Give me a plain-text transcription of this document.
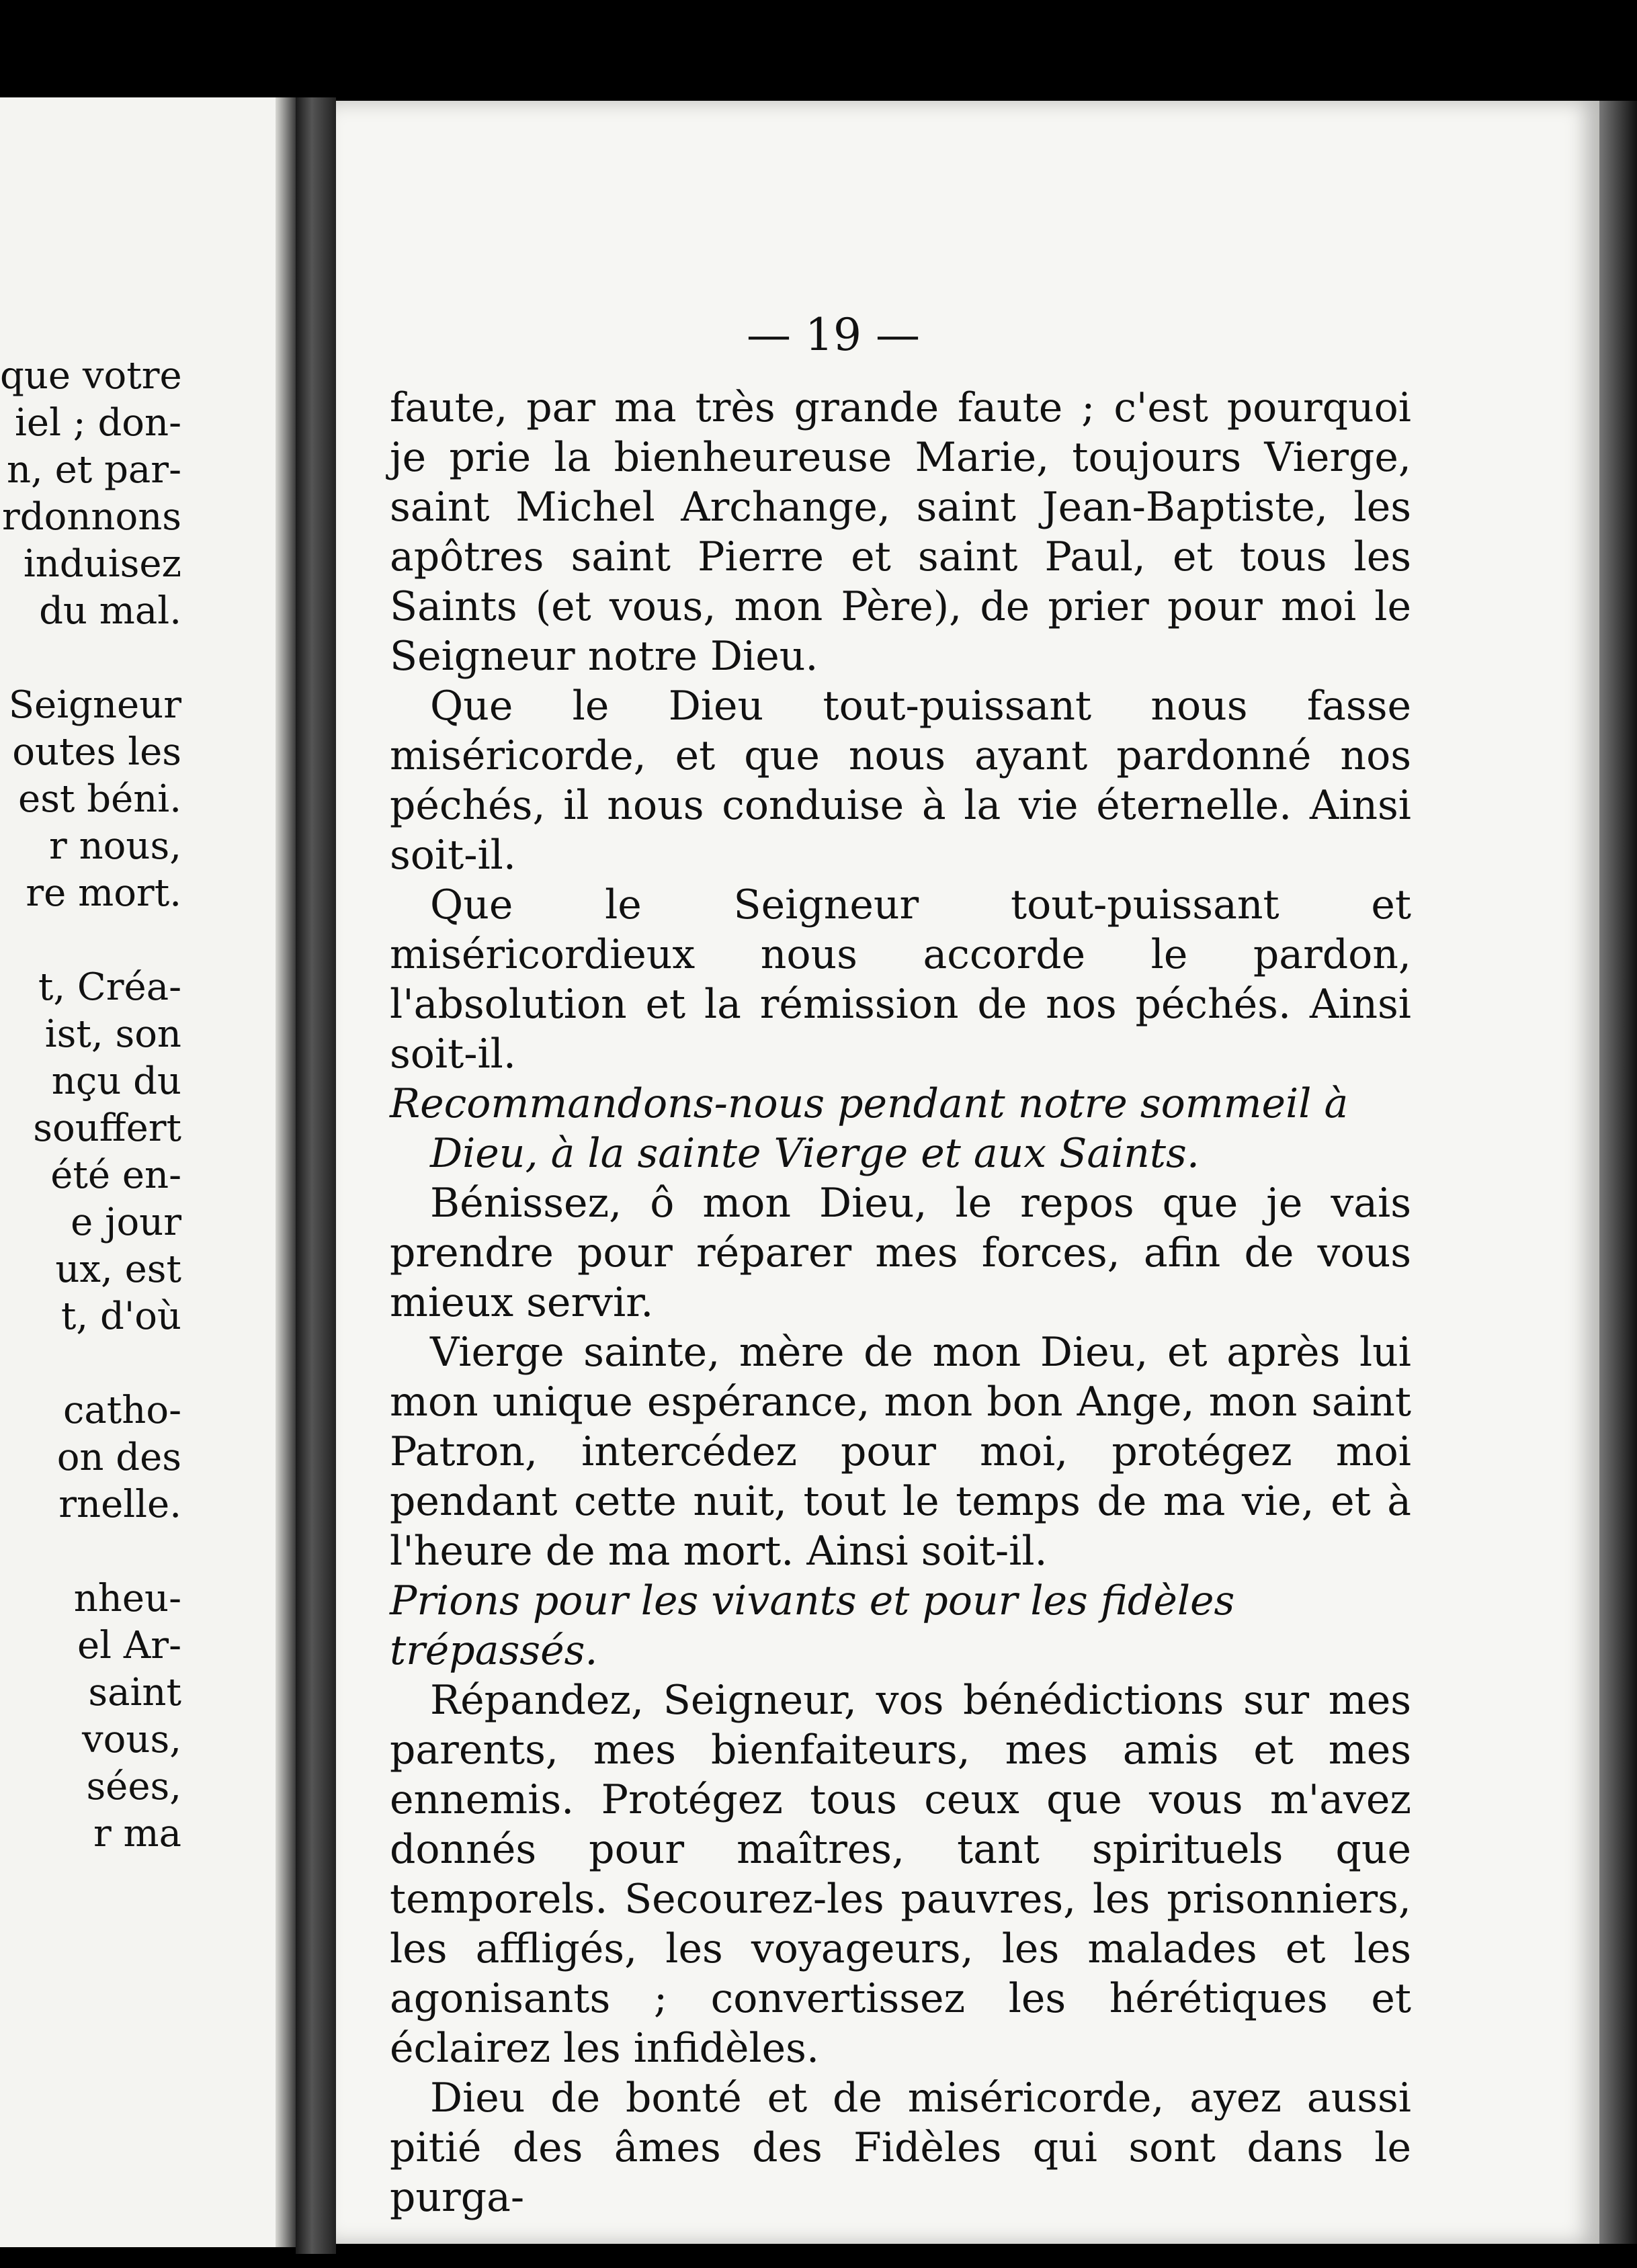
que votre
iel ; don-
n, et par-
rdonnons
induisez
du mal.
Seigneur
outes les
est béni.
r nous,
re mort.
t, Créa-
ist, son
nçu du
souffert
été en-
e jour
ux, est
t, d'où
catho-
on des
rnelle.
nheu-
el Ar-
saint
vous,
sées,
r ma
— 19 —

faute, par ma très grande faute ; c'est pourquoi je prie la bienheureuse Marie, toujours Vierge, saint Michel Archange, saint Jean-Baptiste, les apôtres saint Pierre et saint Paul, et tous les Saints (et vous, mon Père), de prier pour moi le Seigneur notre Dieu.

Que le Dieu tout-puissant nous fasse miséricorde, et que nous ayant pardonné nos péchés, il nous conduise à la vie éternelle. Ainsi soit-il.

Que le Seigneur tout-puissant et miséricordieux nous accorde le pardon, l'absolution et la rémission de nos péchés. Ainsi soit-il.

Recommandons-nous pendant notre sommeil à

Dieu, à la sainte Vierge et aux Saints.

Bénissez, ô mon Dieu, le repos que je vais prendre pour réparer mes forces, afin de vous mieux servir.

Vierge sainte, mère de mon Dieu, et après lui mon unique espérance, mon bon Ange, mon saint Patron, intercédez pour moi, protégez moi pendant cette nuit, tout le temps de ma vie, et à l'heure de ma mort. Ainsi soit-il.

Prions pour les vivants et pour les fidèles trépassés.

Répandez, Seigneur, vos bénédictions sur mes parents, mes bienfaiteurs, mes amis et mes ennemis. Protégez tous ceux que vous m'avez donnés pour maîtres, tant spirituels que temporels. Secourez-les pauvres, les prisonniers, les affligés, les voyageurs, les malades et les agonisants ; convertissez les hérétiques et éclairez les infidèles.

Dieu de bonté et de miséricorde, ayez aussi pitié des âmes des Fidèles qui sont dans le purga-
